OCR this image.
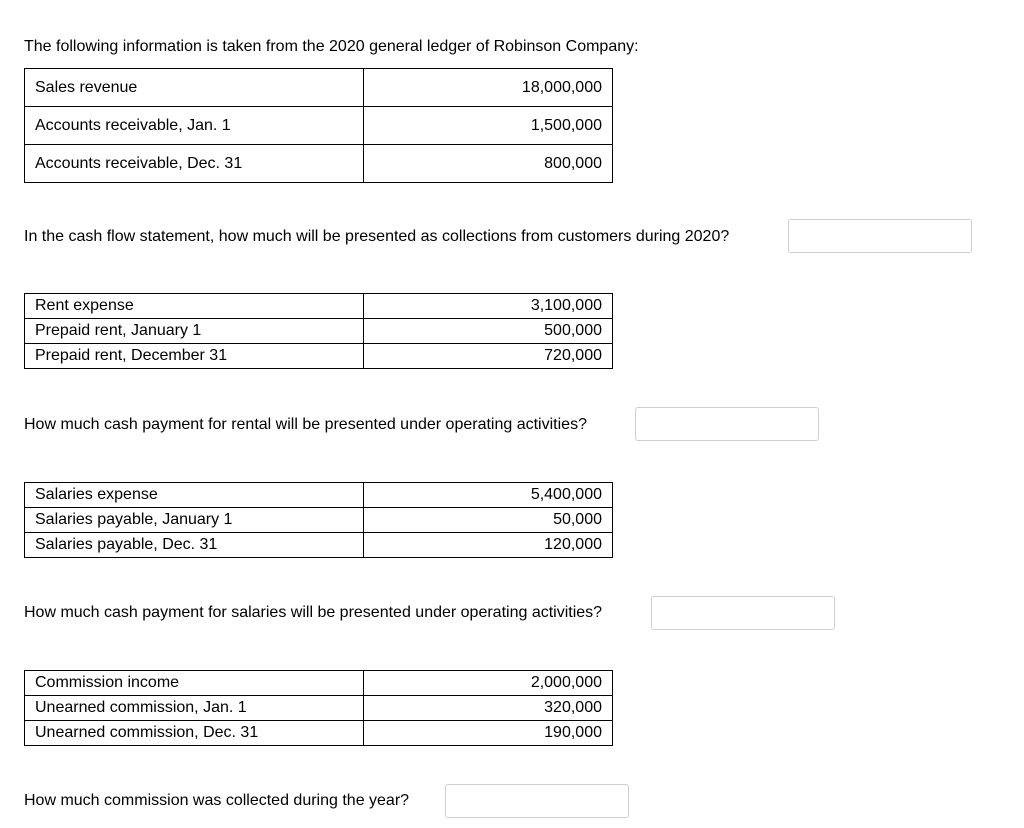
The following information is taken from the 2020 general ledger of Robinson Company:
Sales revenue	18,000,000
Accounts receivable, Jan. 1	1,500,000
Accounts receivable, Dec. 31	800,000
In the cash flow statement, how much will be presented as collections from customers during 2020?
Rent expense	3,100,000
Prepaid rent, January 1	500,000
Prepaid rent, December 31	720,000
How much cash payment for rental will be presented under operating activities?
Salaries expense	5,400,000
Salaries payable, January 1	50,000
Salaries payable, Dec. 31	120,000
How much cash payment for salaries will be presented under operating activities?
Commission income	2,000,000
Unearned commission, Jan. 1	320,000
Unearned commission, Dec. 31	190,000
How much commission was collected during the year?
